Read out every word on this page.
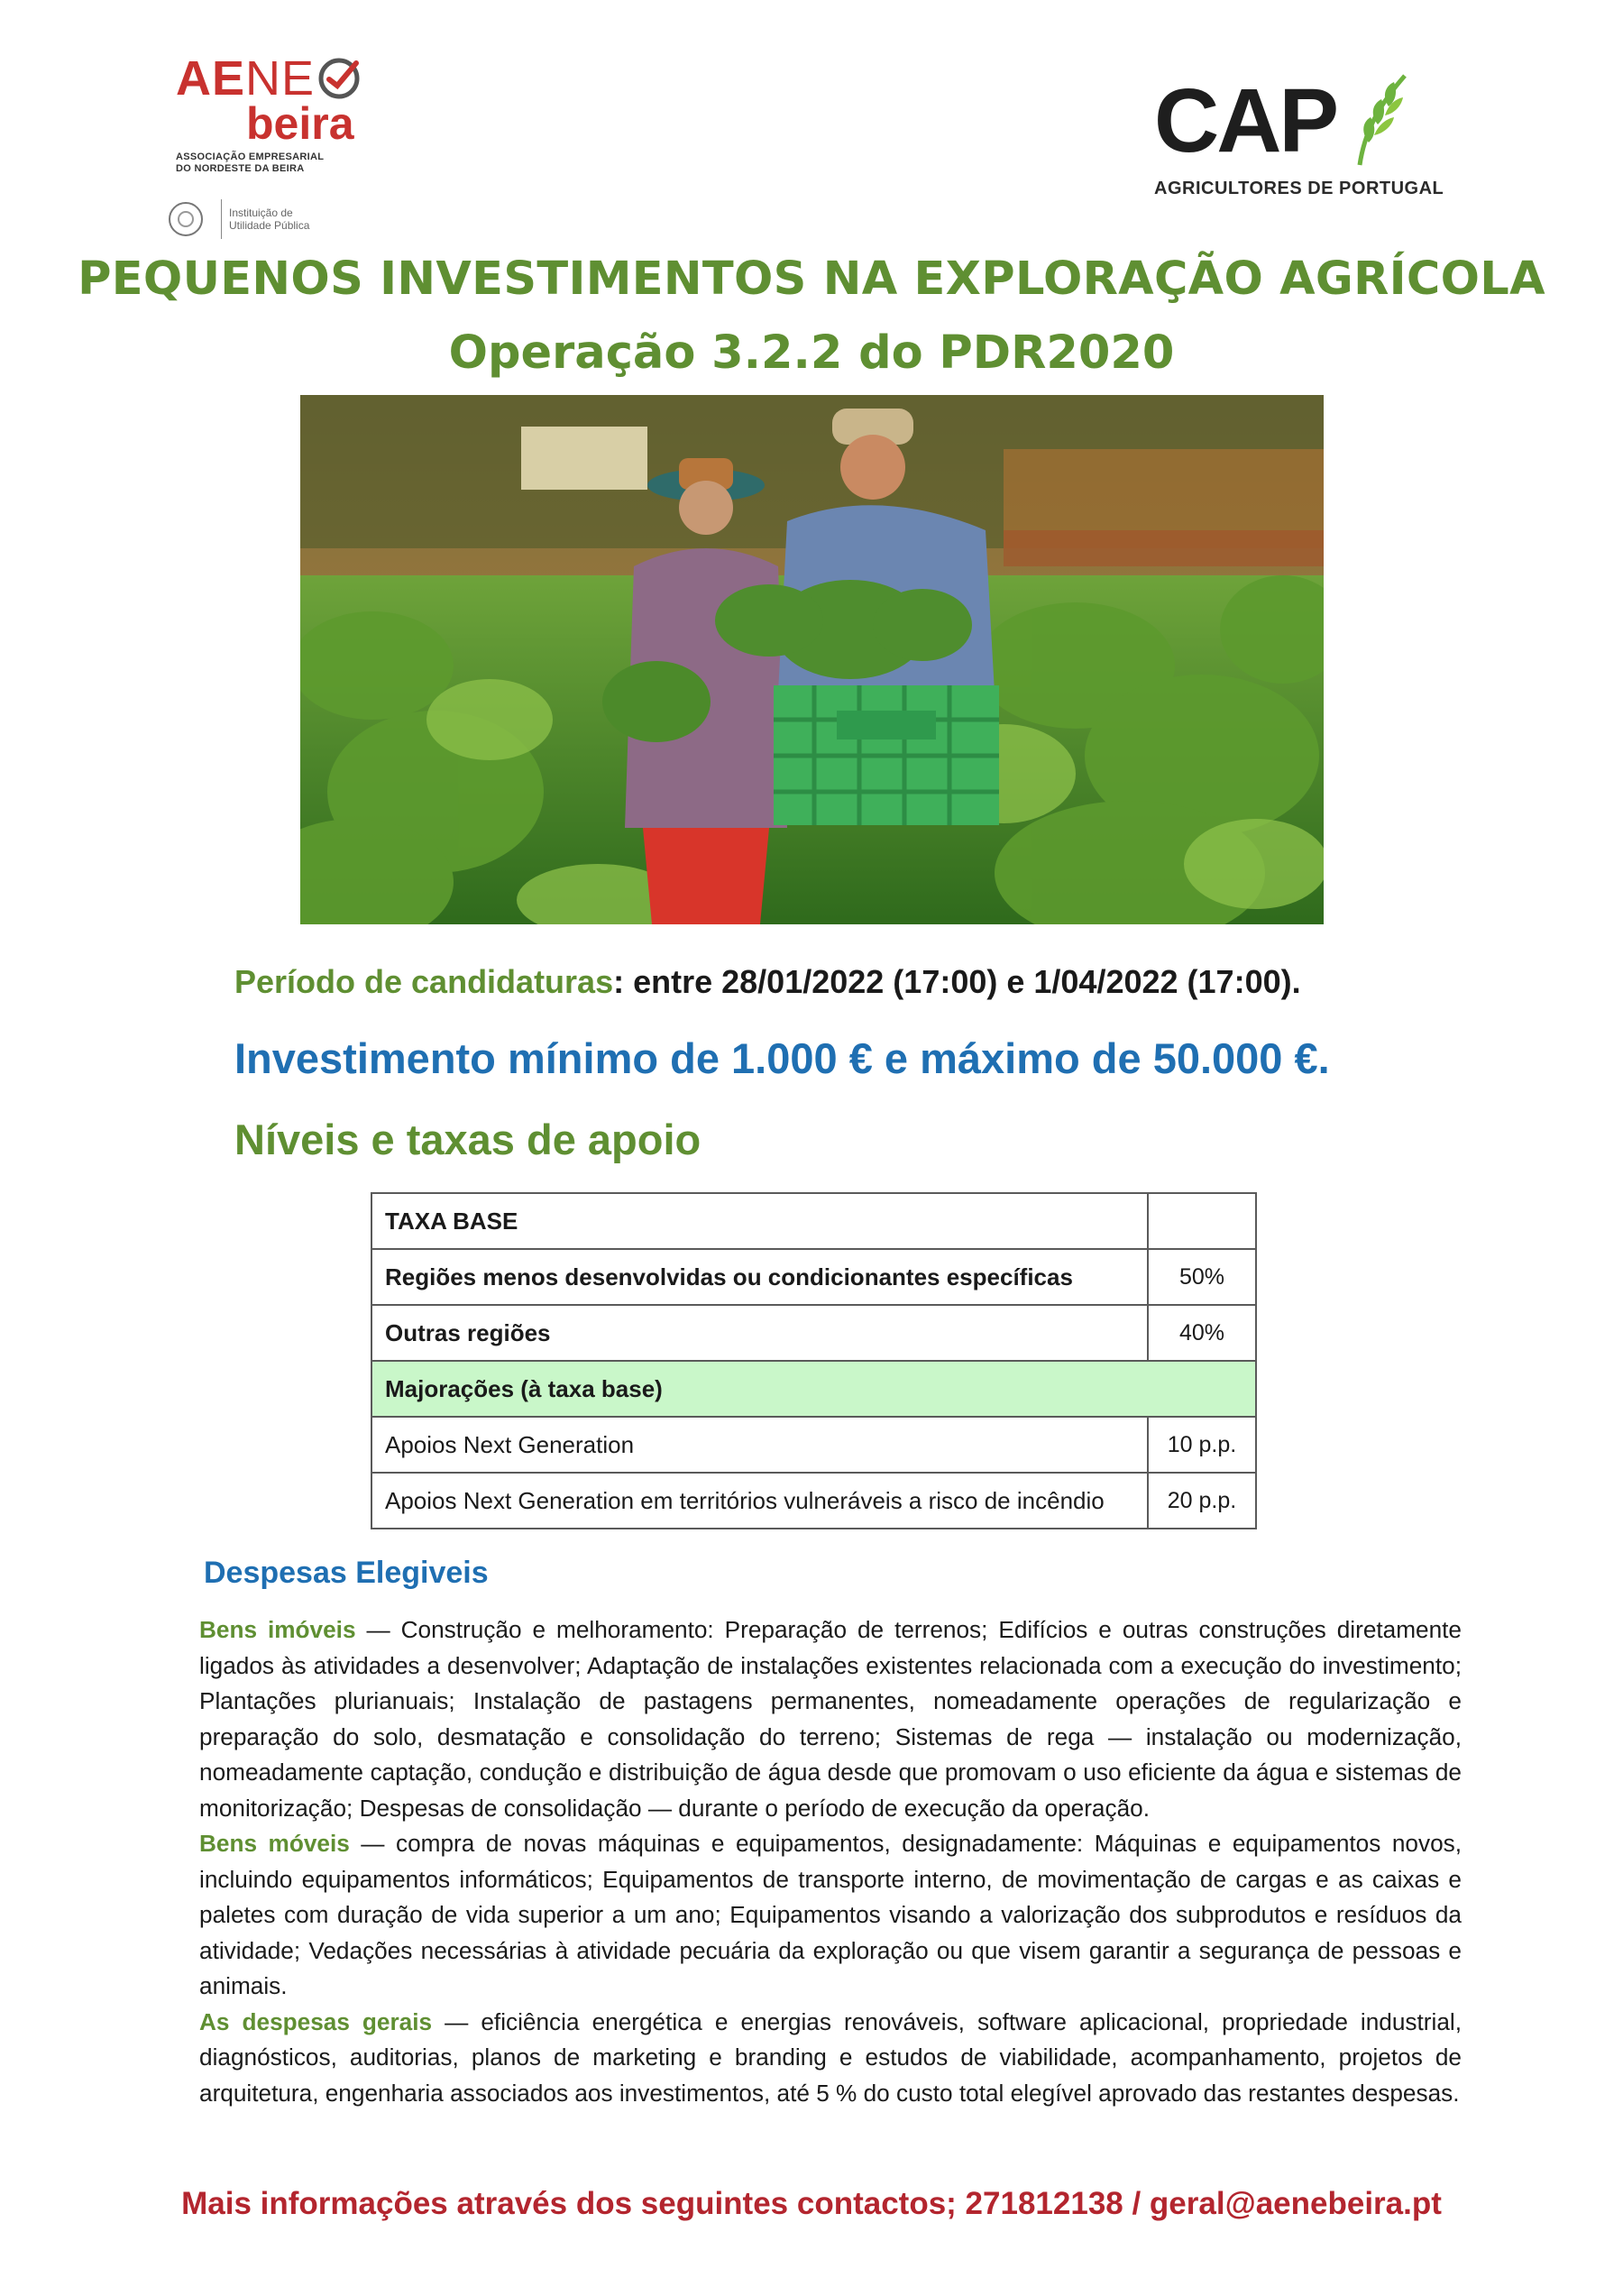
AE NE
beira
ASSOCIAÇÃO EMPRESARIAL
DO NORDESTE DA BEIRA
Instituição de
Utilidade Pública
CAP
AGRICULTORES DE PORTUGAL
PEQUENOS INVESTIMENTOS NA EXPLORAÇÃO AGRÍCOLA
Operação 3.2.2 do PDR2020
Período de candidaturas: entre 28/01/2022 (17:00) e 1/04/2022 (17:00).
Investimento mínimo de 1.000 € e máximo de 50.000 €.
Níveis e taxas de apoio
TAXA BASE	
Regiões menos desenvolvidas ou condicionantes específicas	50%
Outras regiões	40%
Majorações (à taxa base)	
Apoios Next Generation	10 p.p.
Apoios Next Generation em territórios vulneráveis a risco de incêndio	20 p.p.
Despesas Elegiveis

Bens imóveis — Construção e melhoramento: Preparação de terrenos; Edifícios e outras construções diretamente ligados às atividades a desenvolver; Adaptação de instalações existentes relacionada com a execução do investimento; Plantações plurianuais; Instalação de pastagens permanentes, nomeadamente operações de regularização e preparação do solo, desmatação e consolidação do terreno; Sistemas de rega — instalação ou modernização, nomeadamente captação, condução e distribuição de água desde que promovam o uso eficiente da água e sistemas de monitorização; Despesas de consolidação — durante o período de execução da operação.

Bens móveis — compra de novas máquinas e equipamentos, designadamente: Máquinas e equipamentos novos, incluindo equipamentos informáticos; Equipamentos de transporte interno, de movimentação de cargas e as caixas e paletes com duração de vida superior a um ano; Equipamentos visando a valorização dos subprodutos e resíduos da atividade; Vedações necessárias à atividade pecuária da exploração ou que visem garantir a segurança de pessoas e animais.

As despesas gerais — eficiência energética e energias renováveis, software aplicacional, propriedade industrial, diagnósticos, auditorias, planos de marketing e branding e estudos de viabilidade, acompanhamento, projetos de arquitetura, engenharia associados aos investimentos, até 5 % do custo total elegível aprovado das restantes despesas.

Mais informações através dos seguintes contactos; 271812138 / geral@aenebeira.pt
